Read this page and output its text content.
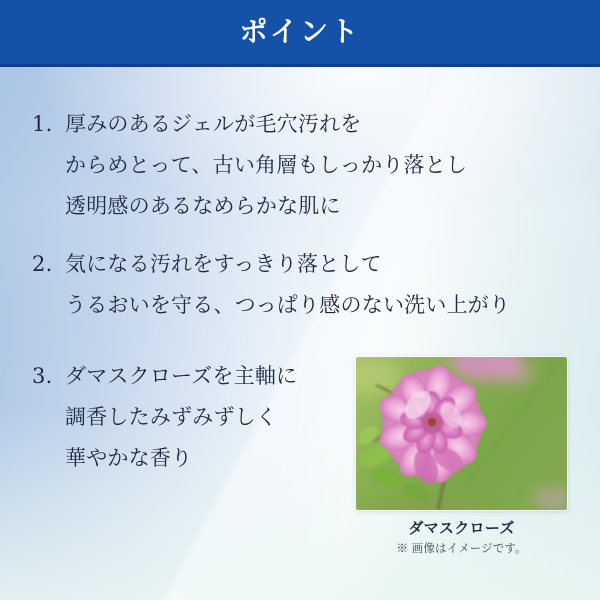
ポイント
1. 厚みのあるジェルが毛穴汚れを
からめとって、古い角層もしっかり落とし
透明感のあるなめらかな肌に
2. 気になる汚れをすっきり落として
うるおいを守る、つっぱり感のない洗い上がり
3. ダマスクローズを主軸に
調香したみずみずしく
華やかな香り
ダマスクローズ
※ 画像はイメージです。
